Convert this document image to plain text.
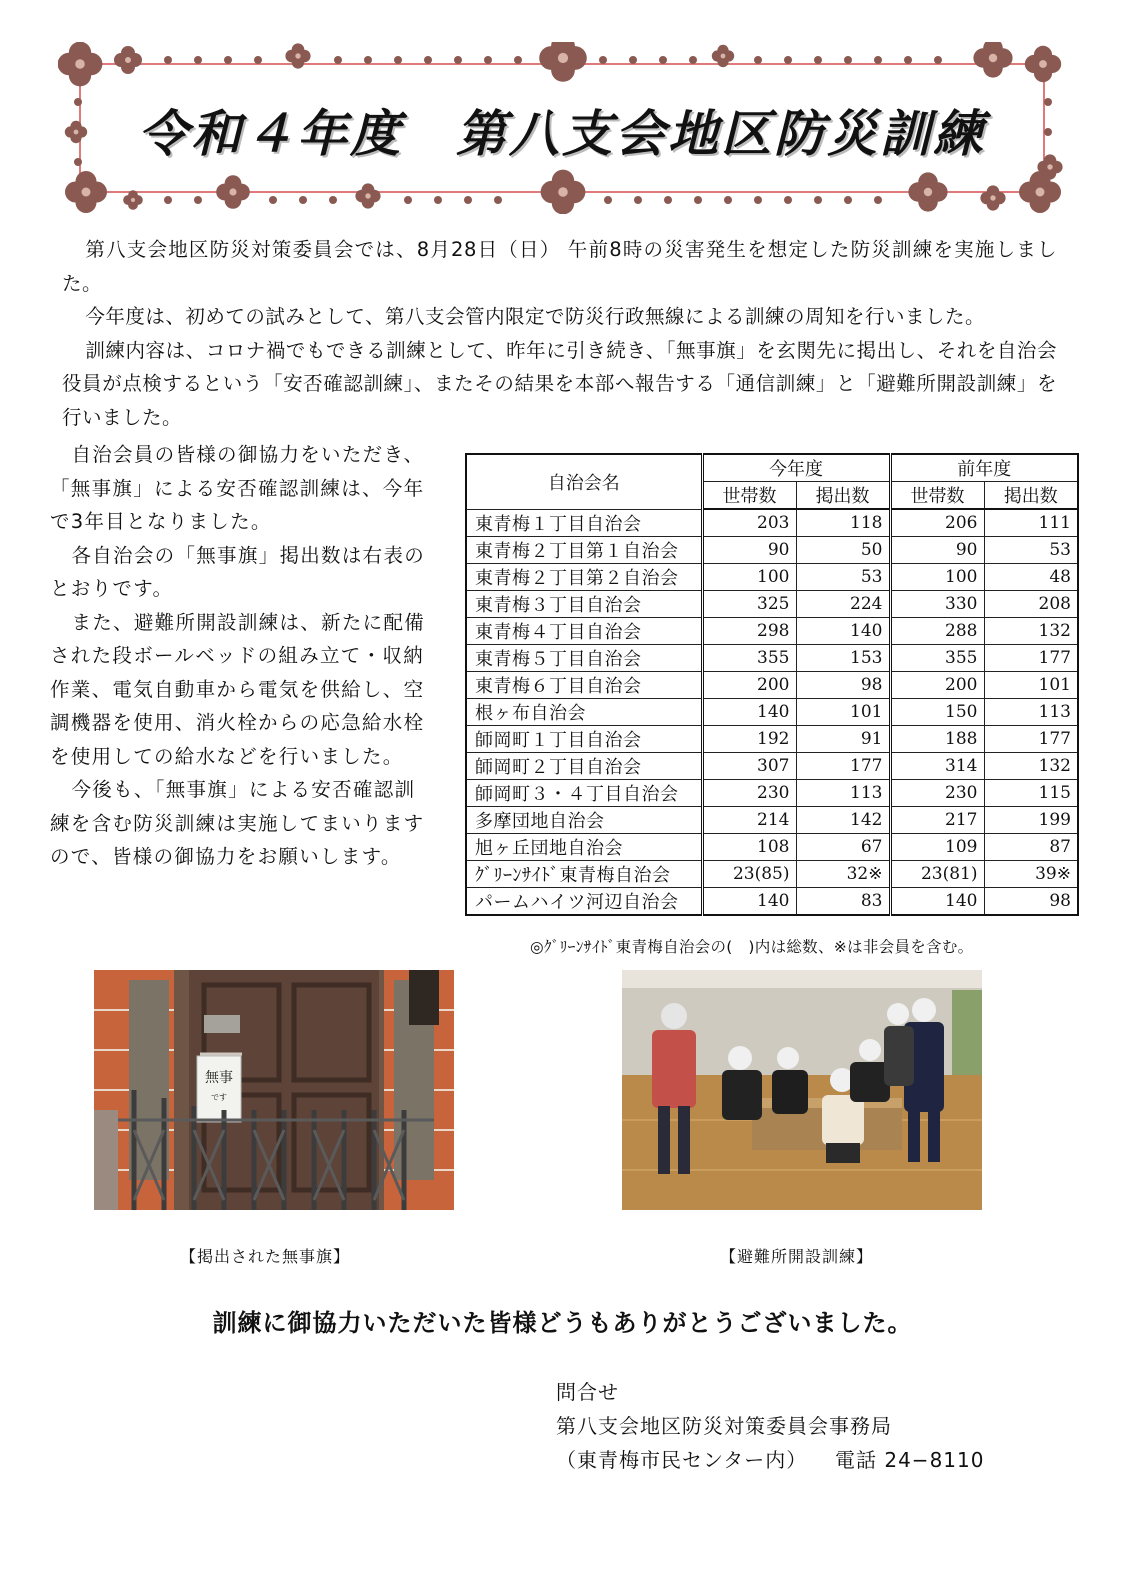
令和４年度　第八支会地区防災訓練

第八支会地区防災対策委員会では、8月28日（日） 午前8時の災害発生を想定した防災訓練を実施しました。

今年度は、初めての試みとして、第八支会管内限定で防災行政無線による訓練の周知を行いました。

訓練内容は、コロナ禍でもできる訓練として、昨年に引き続き、「無事旗」を玄関先に掲出し、それを自治会役員が点検するという「安否確認訓練」、またその結果を本部へ報告する「通信訓練」と「避難所開設訓練」を行いました。

自治会員の皆様の御協力をいただき、「無事旗」による安否確認訓練は、今年で3年目となりました。

各自治会の「無事旗」掲出数は右表のとおりです。

また、避難所開設訓練は、新たに配備された段ボールベッドの組み立て・収納作業、電気自動車から電気を供給し、空調機器を使用、消火栓からの応急給水栓を使用しての給水などを行いました。

今後も、「無事旗」による安否確認訓練を含む防災訓練は実施してまいりますので、皆様の御協力をお願いします。

自治会名	今年度		前年度	
	世帯数	掲出数	世帯数	掲出数
東青梅１丁目自治会	203	118	206	111
東青梅２丁目第１自治会	90	50	90	53
東青梅２丁目第２自治会	100	53	100	48
東青梅３丁目自治会	325	224	330	208
東青梅４丁目自治会	298	140	288	132
東青梅５丁目自治会	355	153	355	177
東青梅６丁目自治会	200	98	200	101
根ヶ布自治会	140	101	150	113
師岡町１丁目自治会	192	91	188	177
師岡町２丁目自治会	307	177	314	132
師岡町３・４丁目自治会	230	113	230	115
多摩団地自治会	214	142	217	199
旭ヶ丘団地自治会	108	67	109	87
ｸﾞﾘｰﾝｻｲﾄﾞ東青梅自治会	23(85)	32※	23(81)	39※
パームハイツ河辺自治会	140	83	140	98
◎ｸﾞﾘｰﾝｻｲﾄﾞ東青梅自治会の(　)内は総数、※は非会員を含む。
無事
です
【掲出された無事旗】	【避難所開設訓練】
訓練に御協力いただいた皆様どうもありがとうございました。
問合せ
第八支会地区防災対策委員会事務局
（東青梅市民センター内） 電話 24−8110
